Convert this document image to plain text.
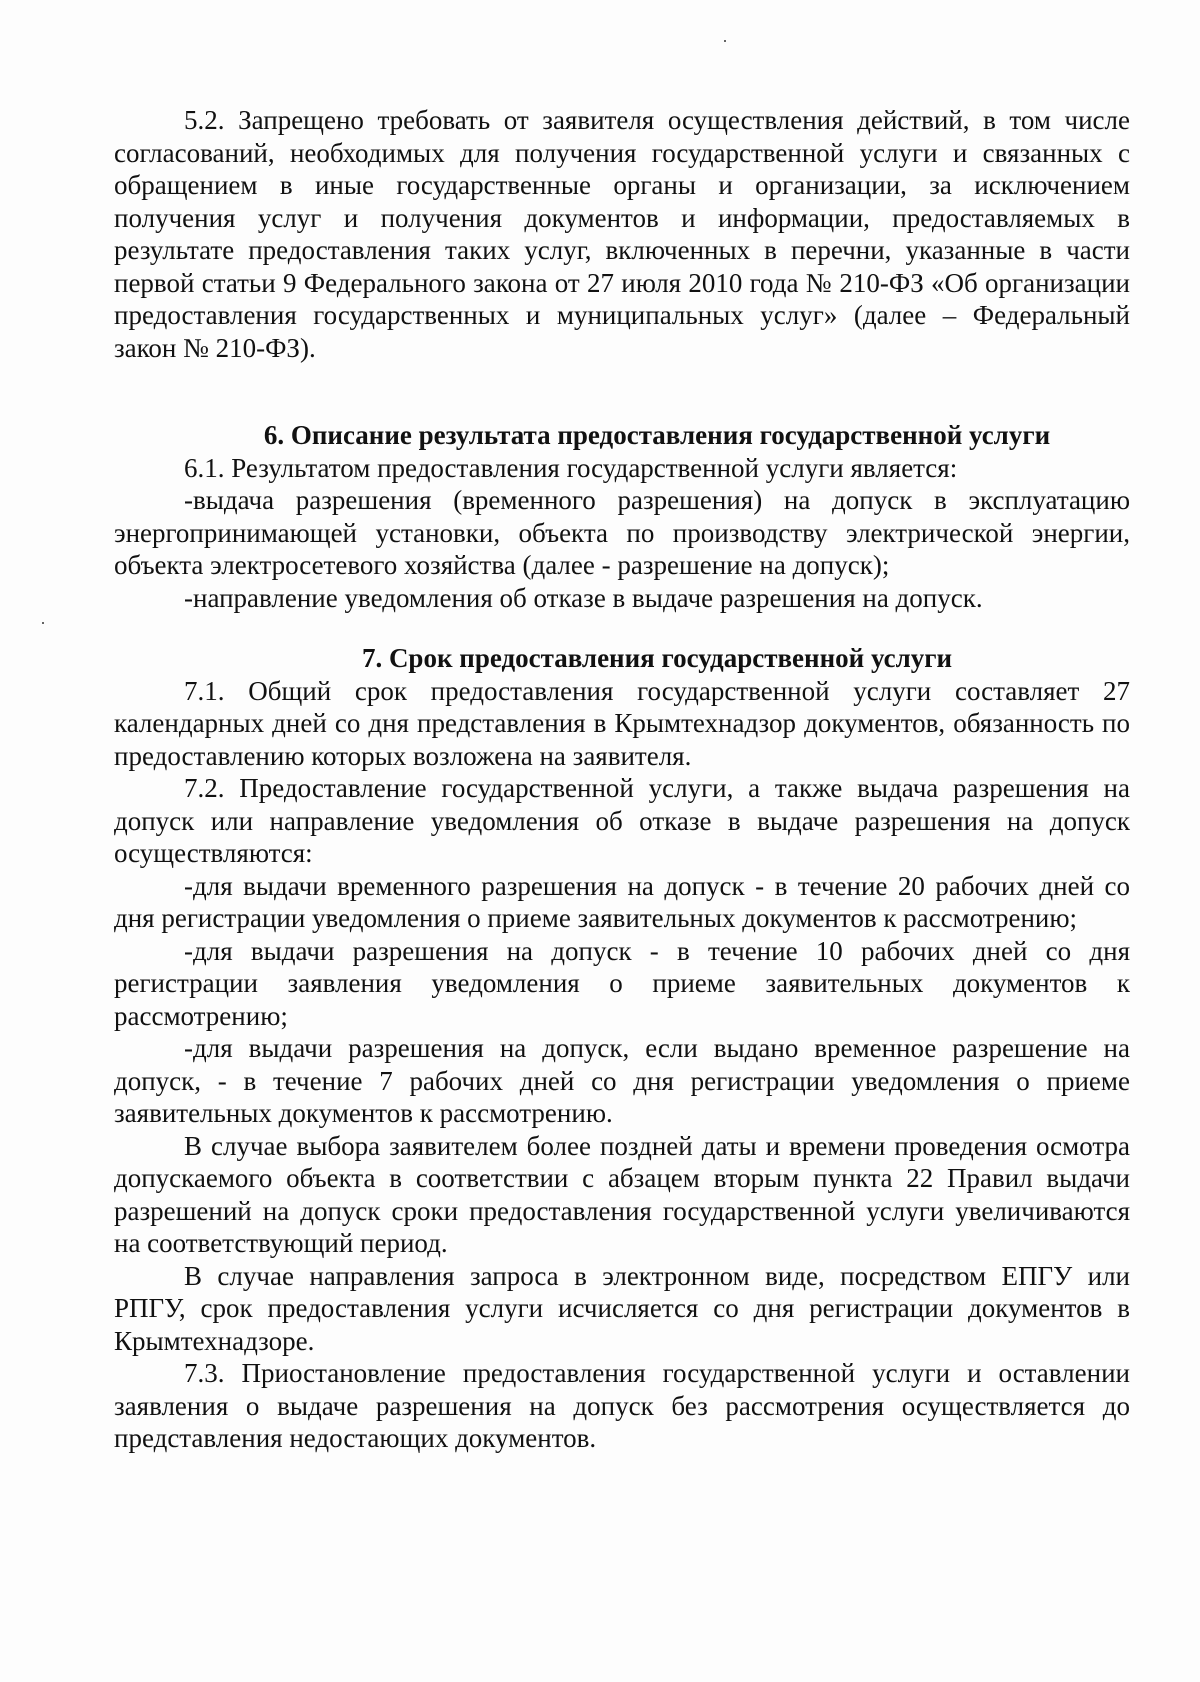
5.2. Запрещено требовать от заявителя осуществления действий, в том числе согласований, необходимых для получения государственной услуги и связанных с обращением в иные государственные органы и организации, за исключением получения услуг и получения документов и информации, предоставляемых в результате предоставления таких услуг, включенных в перечни, указанные в части первой статьи 9 Федерального закона от 27 июля 2010 года № 210-ФЗ «Об организации предоставления государственных и муниципальных услуг» (далее – Федеральный закон № 210-ФЗ).

6. Описание результата предоставления государственной услуги

6.1. Результатом предоставления государственной услуги является:

-выдача разрешения (временного разрешения) на допуск в эксплуатацию энергопринимающей установки, объекта по производству электрической энергии, объекта электросетевого хозяйства (далее - разрешение на допуск);

-направление уведомления об отказе в выдаче разрешения на допуск.

7. Срок предоставления государственной услуги

7.1. Общий срок предоставления государственной услуги составляет 27 календарных дней со дня представления в Крымтехнадзор документов, обязанность по предоставлению которых возложена на заявителя.

7.2. Предоставление государственной услуги, а также выдача разрешения на допуск или направление уведомления об отказе в выдаче разрешения на допуск осуществляются:

-для выдачи временного разрешения на допуск - в течение 20 рабочих дней со дня регистрации уведомления о приеме заявительных документов к рассмотрению;

-для выдачи разрешения на допуск - в течение 10 рабочих дней со дня регистрации заявления уведомления о приеме заявительных документов к рассмотрению;

-для выдачи разрешения на допуск, если выдано временное разрешение на допуск, - в течение 7 рабочих дней со дня регистрации уведомления о приеме заявительных документов к рассмотрению.

В случае выбора заявителем более поздней даты и времени проведения осмотра допускаемого объекта в соответствии с абзацем вторым пункта 22 Правил выдачи разрешений на допуск сроки предоставления государственной услуги увеличиваются на соответствующий период.

В случае направления запроса в электронном виде, посредством ЕПГУ или РПГУ, срок предоставления услуги исчисляется со дня регистрации документов в Крымтехнадзоре.

7.3. Приостановление предоставления государственной услуги и оставлении заявления о выдаче разрешения на допуск без рассмотрения осуществляется до представления недостающих документов.
